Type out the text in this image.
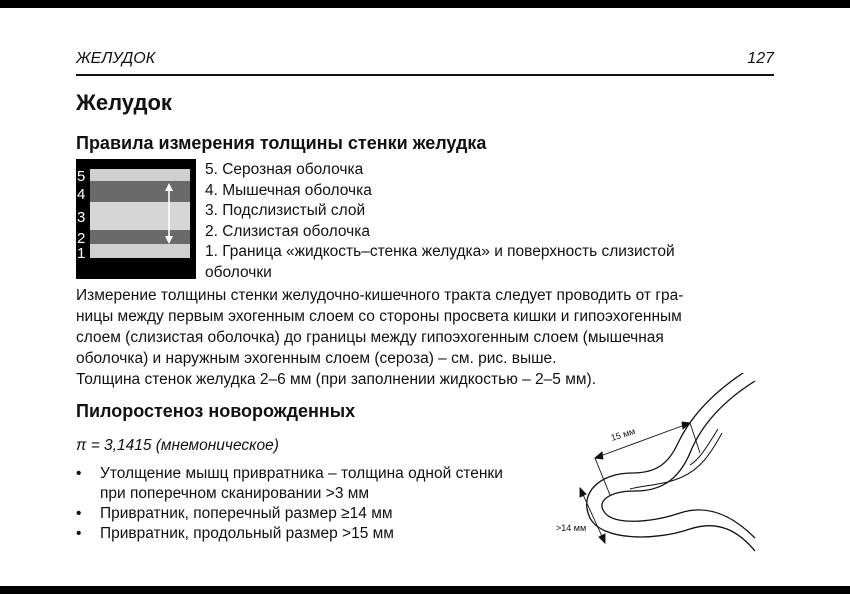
ЖЕЛУДОК	127
Желудок
Правила измерения толщины стенки желудка
5
4
3
2
1
5. Серозная оболочка
4. Мышечная оболочка
3. Подслизистый слой
2. Слизистая оболочка
1. Граница «жидкость–стенка желудка» и поверхность слизистой
оболочки

Измерение толщины стенки желудочно-кишечного тракта следует проводить от гра-

ницы между первым эхогенным слоем со стороны просвета кишки и гипоэхогенным

слоем (слизистая оболочка) до границы между гипоэхогенным слоем (мышечная

оболочка) и наружным эхогенным слоем (сероза) – см. рис. выше.

Толщина стенок желудка 2–6 мм (при заполнении жидкостью – 2–5 мм).

Пилоростеноз новорожденных
π = 3,1415 (мнемоническое)
• Утолщение мышц привратника – толщина одной стенки
при поперечном сканировании >3 мм
• Привратник, поперечный размер ≥14 мм
• Привратник, продольный размер >15 мм
15 мм
>14 мм
